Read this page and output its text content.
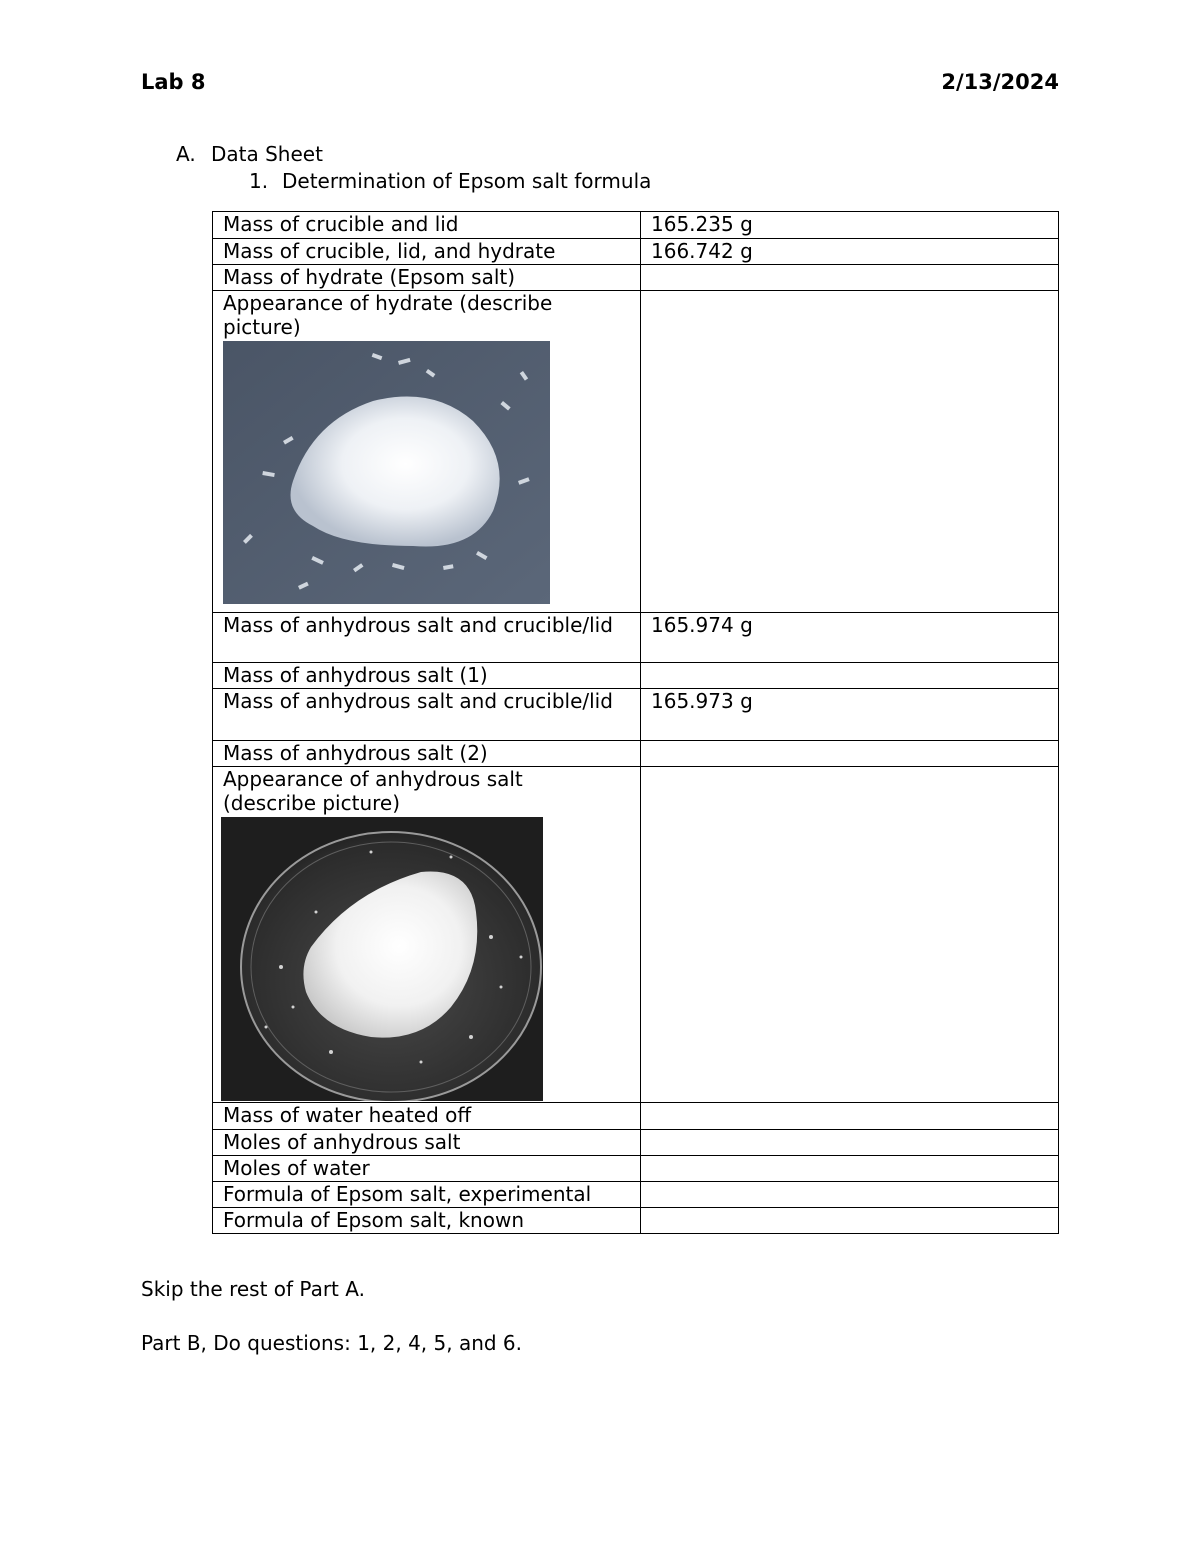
Lab 8	2/13/2024
A. Data Sheet
1. Determination of Epsom salt formula
Mass of crucible and lid	165.235 g
Mass of crucible, lid, and hydrate	166.742 g
Mass of hydrate (Epsom salt)	

Appearance of hydrate (describe picture)	

Mass of anhydrous salt and crucible/lid	165.974 g
Mass of anhydrous salt (1)	
Mass of anhydrous salt and crucible/lid	165.973 g
Mass of anhydrous salt (2)	

Appearance of anhydrous salt (describe picture)	

Mass of water heated off	
Moles of anhydrous salt	
Moles of water	
Formula of Epsom salt, experimental	
Formula of Epsom salt, known	
Skip the rest of Part A.
Part B, Do questions: 1, 2, 4, 5, and 6.
